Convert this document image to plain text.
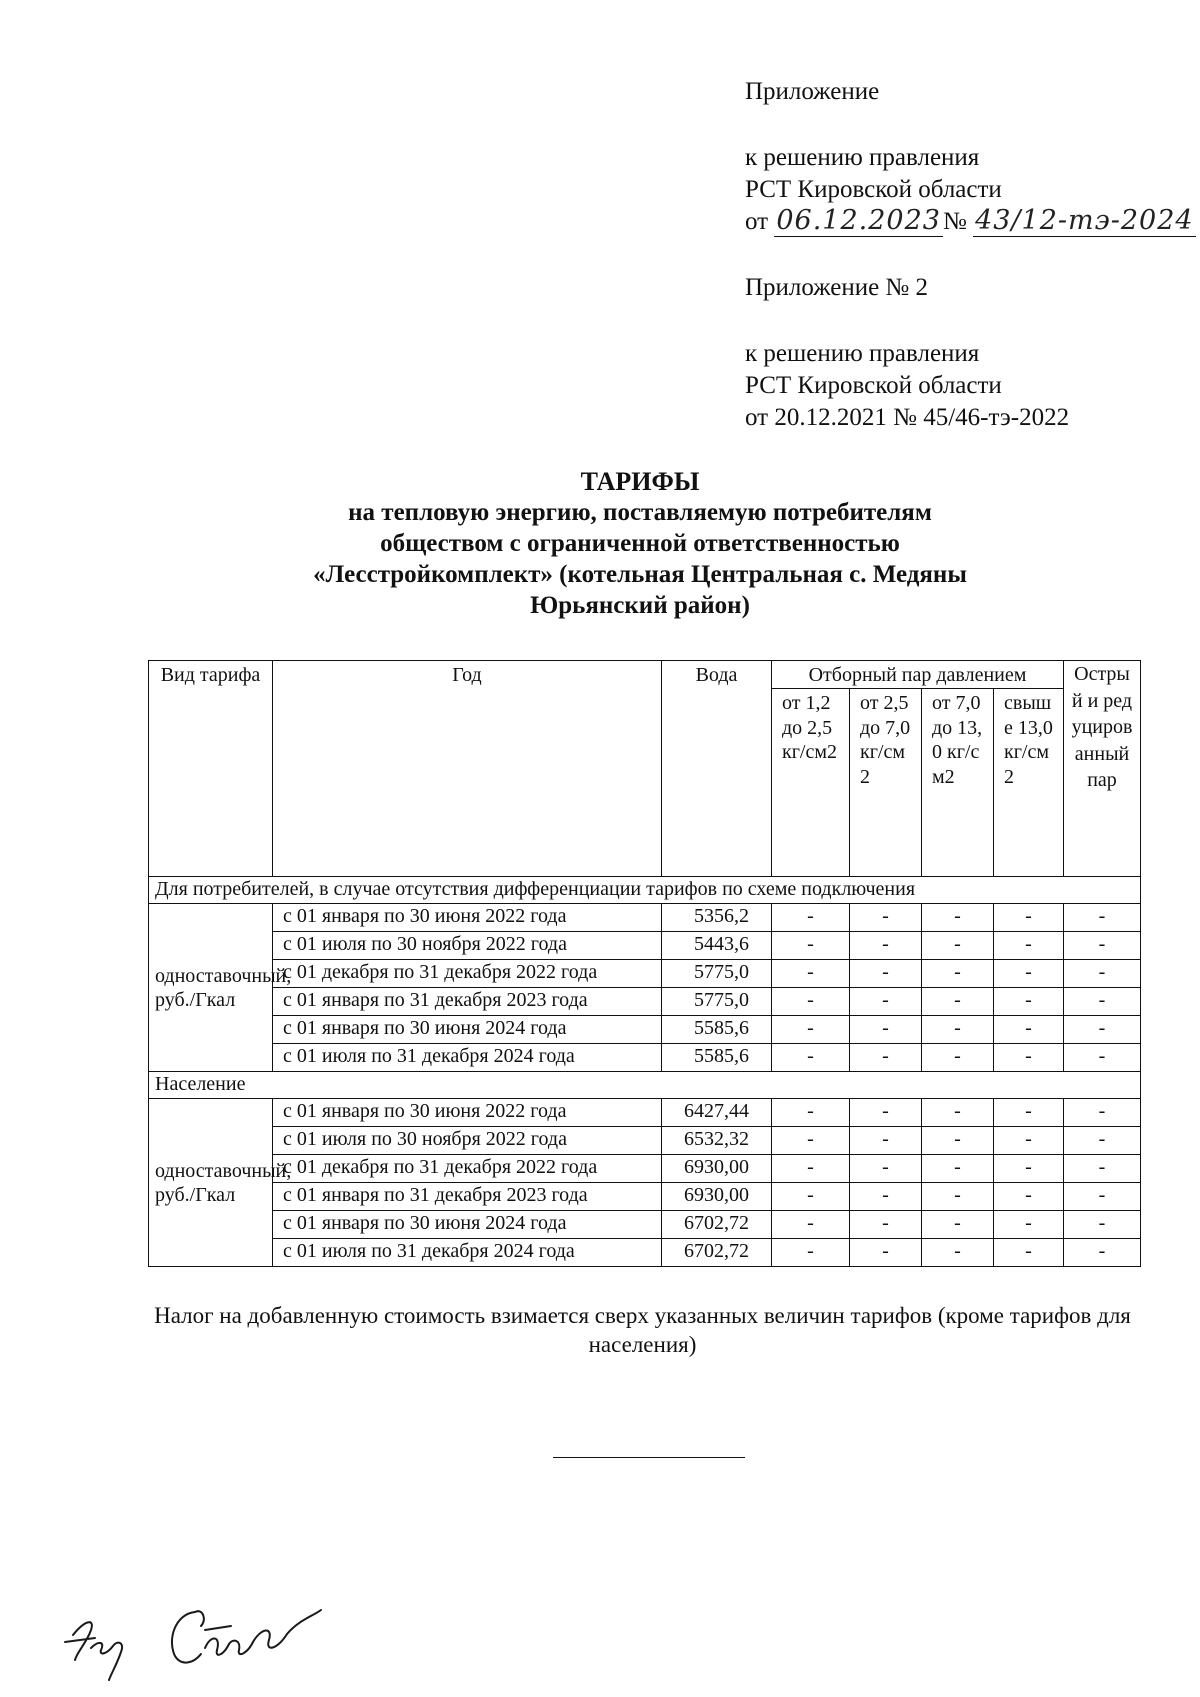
Приложение
к решению правления
РСТ Кировской области
от 06.12.2023№ 43/12-тэ-2024
Приложение № 2
к решению правления
РСТ Кировской области
от 20.12.2021 № 45/46-тэ-2022
ТАРИФЫ
на тепловую энергию, поставляемую потребителям
обществом с ограниченной ответственностью
«Лесстройкомплект» (котельная Центральная с. Медяны
Юрьянский район)
Вид тарифа	Год	Вода	Отборный пар давлением				Острый и редуцированный пар
			от 1,2 до 2,5 кг/см2	от 2,5 до 7,0 кг/см2	от 7,0 до 13,0 кг/см2	свыше 13,0 кг/см2	
Для потребителей, в случае отсутствия дифференциации тарифов по схеме подключения							
одноставочный, руб./Гкал	с 01 января по 30 июня 2022 года	5356,2	-	-	-	-	-
	с 01 июля по 30 ноября 2022 года	5443,6	-	-	-	-	-
	с 01 декабря по 31 декабря 2022 года	5775,0	-	-	-	-	-
	с 01 января по 31 декабря 2023 года	5775,0	-	-	-	-	-
	с 01 января по 30 июня 2024 года	5585,6	-	-	-	-	-
	с 01 июля по 31 декабря 2024 года	5585,6	-	-	-	-	-
Население							
одноставочный, руб./Гкал	с 01 января по 30 июня 2022 года	6427,44	-	-	-	-	-
	с 01 июля по 30 ноября 2022 года	6532,32	-	-	-	-	-
	с 01 декабря по 31 декабря 2022 года	6930,00	-	-	-	-	-
	с 01 января по 31 декабря 2023 года	6930,00	-	-	-	-	-
	с 01 января по 30 июня 2024 года	6702,72	-	-	-	-	-
	с 01 июля по 31 декабря 2024 года	6702,72	-	-	-	-	-
Налог на добавленную стоимость взимается сверх указанных величин тарифов (кроме тарифов для населения)
